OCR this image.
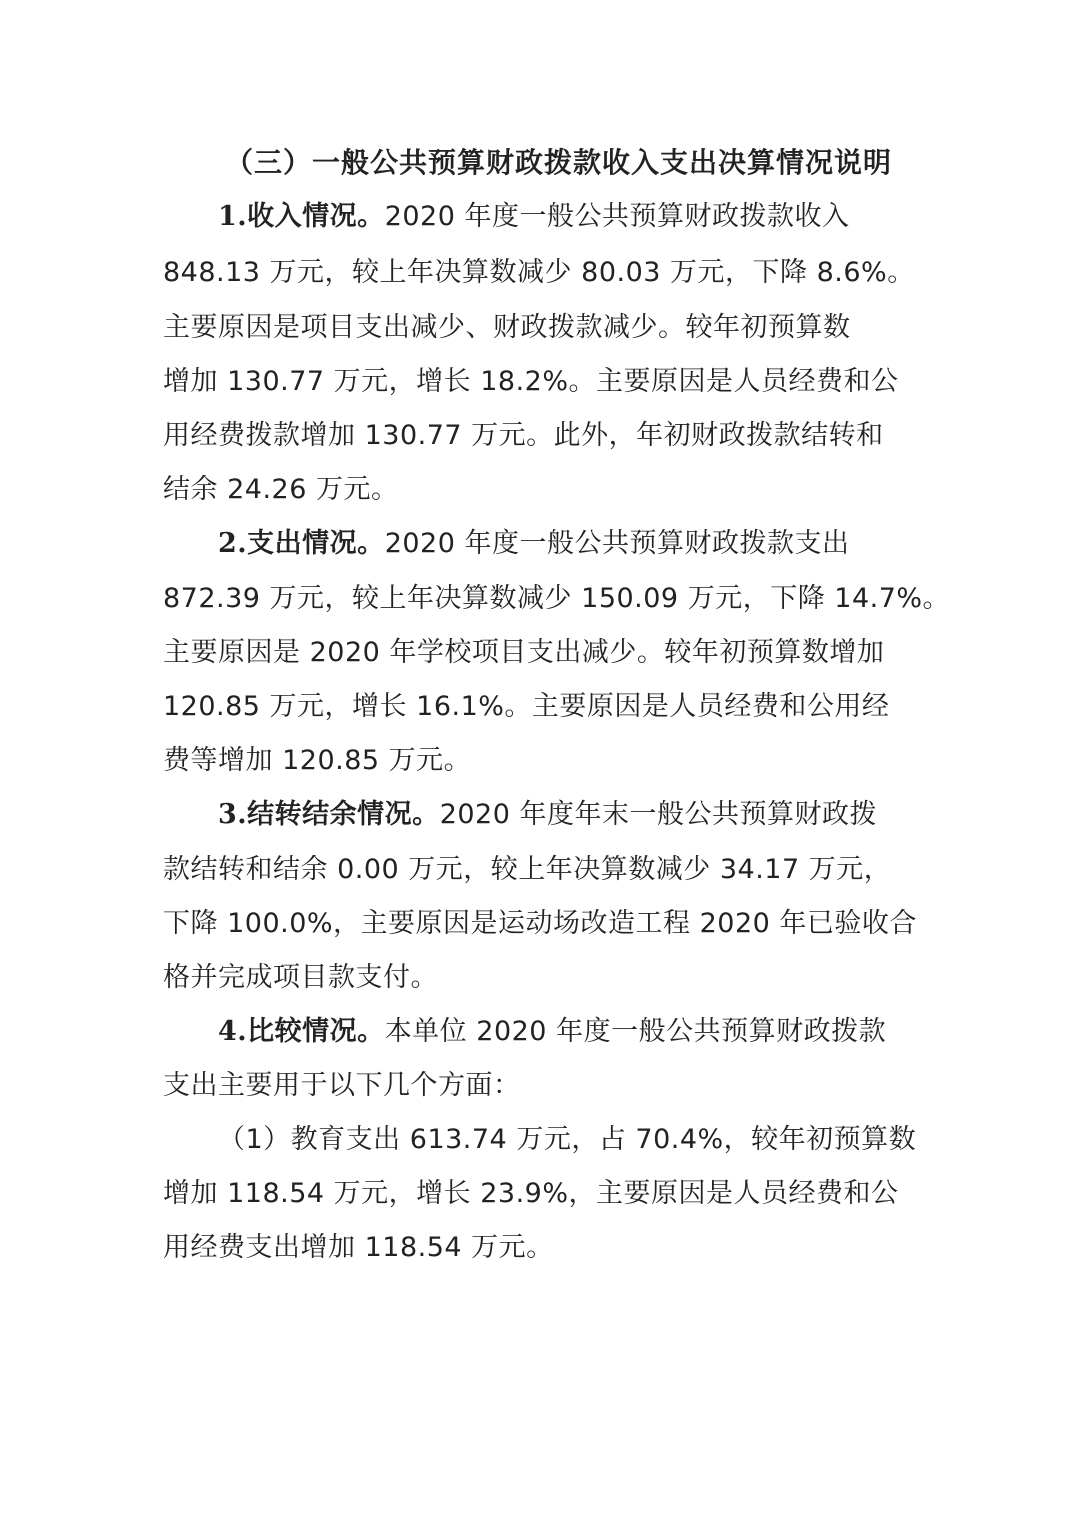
（三）一般公共预算财政拨款收入支出决算情况说明
1.收入情况。2020 年度一般公共预算财政拨款收入
848.13 万元，较上年决算数减少 80.03 万元，下降 8.6%。
主要原因是项目支出减少、财政拨款减少。较年初预算数
增加 130.77 万元，增长 18.2%。主要原因是人员经费和公
用经费拨款增加 130.77 万元。此外，年初财政拨款结转和
结余 24.26 万元。
2.支出情况。2020 年度一般公共预算财政拨款支出
872.39 万元，较上年决算数减少 150.09 万元，下降 14.7%。
主要原因是 2020 年学校项目支出减少。较年初预算数增加
120.85 万元，增长 16.1%。主要原因是人员经费和公用经
费等增加 120.85 万元。
3.结转结余情况。2020 年度年末一般公共预算财政拨
款结转和结余 0.00 万元，较上年决算数减少 34.17 万元，
下降 100.0%，主要原因是运动场改造工程 2020 年已验收合
格并完成项目款支付。
4.比较情况。本单位 2020 年度一般公共预算财政拨款
支出主要用于以下几个方面：
（1）教育支出 613.74 万元，占 70.4%，较年初预算数
增加 118.54 万元，增长 23.9%，主要原因是人员经费和公
用经费支出增加 118.54 万元。
